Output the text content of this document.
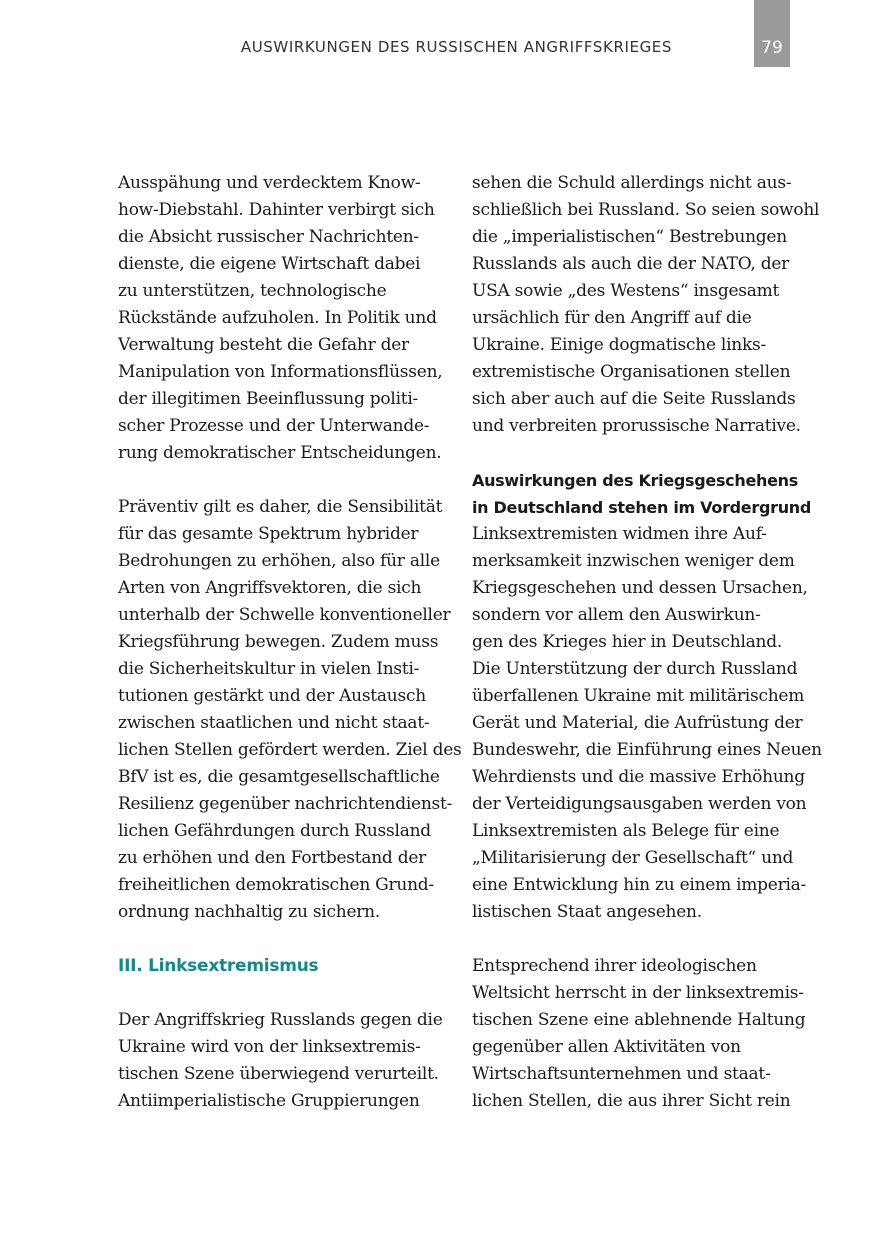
AUSWIRKUNGEN DES RUSSISCHEN ANGRIFFSKRIEGES	79
Ausspähung und verdecktem Know-
how-Diebstahl. Dahinter verbirgt sich
die Absicht russischer Nachrichten-
dienste, die eigene Wirtschaft dabei
zu unterstützen, technologische
Rückstände aufzuholen. In Politik und
Verwaltung besteht die Gefahr der
Manipulation von Informationsflüssen,
der illegitimen Beeinflussung politi-
scher Prozesse und der Unterwande-
rung demokratischer Entscheidungen.
Präventiv gilt es daher, die Sensibilität
für das gesamte Spektrum hybrider
Bedrohungen zu erhöhen, also für alle
Arten von Angriffsvektoren, die sich
unterhalb der Schwelle konventioneller
Kriegsführung bewegen. Zudem muss
die Sicherheitskultur in vielen Insti-
tutionen gestärkt und der Austausch
zwischen staatlichen und nicht staat-
lichen Stellen gefördert werden. Ziel des
BfV ist es, die gesamtgesellschaftliche
Resilienz gegenüber nachrichtendienst-
lichen Gefährdungen durch Russland
zu erhöhen und den Fortbestand der
freiheitlichen demokratischen Grund-
ordnung nachhaltig zu sichern.
III. Linksextremismus
Der Angriffskrieg Russlands gegen die
Ukraine wird von der linksextremis-
tischen Szene überwiegend verurteilt.
Antiimperialistische Gruppierungen
sehen die Schuld allerdings nicht aus-
schließlich bei Russland. So seien sowohl
die „imperialistischen“ Bestrebungen
Russlands als auch die der NATO, der
USA sowie „des Westens“ insgesamt
ursächlich für den Angriff auf die
Ukraine. Einige dogmatische links-
extremistische Organisationen stellen
sich aber auch auf die Seite Russlands
und verbreiten prorussische Narrative.
Auswirkungen des Kriegsgeschehens
in Deutschland stehen im Vordergrund
Linksextremisten widmen ihre Auf-
merksamkeit inzwischen weniger dem
Kriegsgeschehen und dessen Ursachen,
sondern vor allem den Auswirkun-
gen des Krieges hier in Deutschland.
Die Unterstützung der durch Russland
überfallenen Ukraine mit militärischem
Gerät und Material, die Aufrüstung der
Bundeswehr, die Einführung eines Neuen
Wehrdiensts und die massive Erhöhung
der Verteidigungsausgaben werden von
Linksextremisten als Belege für eine
„Militarisierung der Gesellschaft“ und
eine Entwicklung hin zu einem imperia-
listischen Staat angesehen.
Entsprechend ihrer ideologischen
Weltsicht herrscht in der linksextremis-
tischen Szene eine ablehnende Haltung
gegenüber allen Aktivitäten von
Wirtschaftsunternehmen und staat-
lichen Stellen, die aus ihrer Sicht rein
